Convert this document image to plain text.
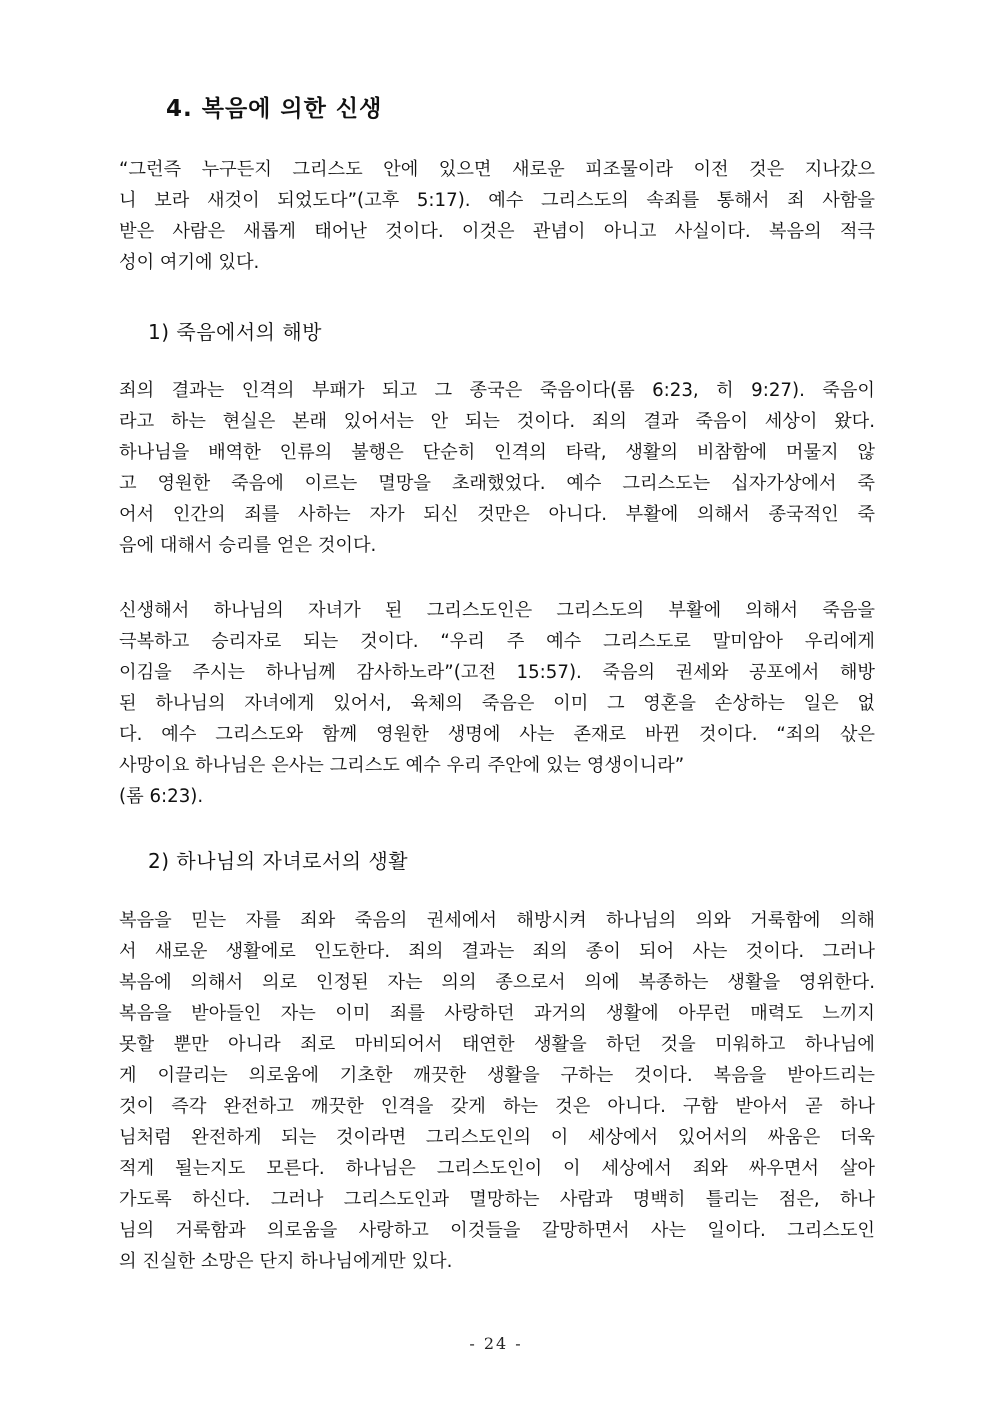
4. 복음에 의한 신생
“그런즉 누구든지 그리스도 안에 있으면 새로운 피조물이라 이전 것은 지나갔으
니 보라 새것이 되었도다”(고후 5:17). 예수 그리스도의 속죄를 통해서 죄 사함을
받은 사람은 새롭게 태어난 것이다. 이것은 관념이 아니고 사실이다. 복음의 적극
성이 여기에 있다.
1) 죽음에서의 해방
죄의 결과는 인격의 부패가 되고 그 종국은 죽음이다(롬 6:23, 히 9:27). 죽음이
라고 하는 현실은 본래 있어서는 안 되는 것이다. 죄의 결과 죽음이 세상이 왔다.
하나님을 배역한 인류의 불행은 단순히 인격의 타락, 생활의 비참함에 머물지 않
고 영원한 죽음에 이르는 멸망을 초래했었다. 예수 그리스도는 십자가상에서 죽
어서 인간의 죄를 사하는 자가 되신 것만은 아니다. 부활에 의해서 종국적인 죽
음에 대해서 승리를 얻은 것이다.
신생해서 하나님의 자녀가 된 그리스도인은 그리스도의 부활에 의해서 죽음을
극복하고 승리자로 되는 것이다. “우리 주 예수 그리스도로 말미암아 우리에게
이김을 주시는 하나님께 감사하노라”(고전 15:57). 죽음의 권세와 공포에서 해방
된 하나님의 자녀에게 있어서, 육체의 죽음은 이미 그 영혼을 손상하는 일은 없
다. 예수 그리스도와 함께 영원한 생명에 사는 존재로 바뀐 것이다. “죄의 삯은
사망이요 하나님은 은사는 그리스도 예수 우리 주안에 있는 영생이니라”
(롬 6:23).
2) 하나님의 자녀로서의 생활
복음을 믿는 자를 죄와 죽음의 권세에서 해방시켜 하나님의 의와 거룩함에 의해
서 새로운 생활에로 인도한다. 죄의 결과는 죄의 종이 되어 사는 것이다. 그러나
복음에 의해서 의로 인정된 자는 의의 종으로서 의에 복종하는 생활을 영위한다.
복음을 받아들인 자는 이미 죄를 사랑하던 과거의 생활에 아무런 매력도 느끼지
못할 뿐만 아니라 죄로 마비되어서 태연한 생활을 하던 것을 미워하고 하나님에
게 이끌리는 의로움에 기초한 깨끗한 생활을 구하는 것이다. 복음을 받아드리는
것이 즉각 완전하고 깨끗한 인격을 갖게 하는 것은 아니다. 구함 받아서 곧 하나
님처럼 완전하게 되는 것이라면 그리스도인의 이 세상에서 있어서의 싸움은 더욱
적게 될는지도 모른다. 하나님은 그리스도인이 이 세상에서 죄와 싸우면서 살아
가도록 하신다. 그러나 그리스도인과 멸망하는 사람과 명백히 틀리는 점은, 하나
님의 거룩함과 의로움을 사랑하고 이것들을 갈망하면서 사는 일이다. 그리스도인
의 진실한 소망은 단지 하나님에게만 있다.
- 24 -
